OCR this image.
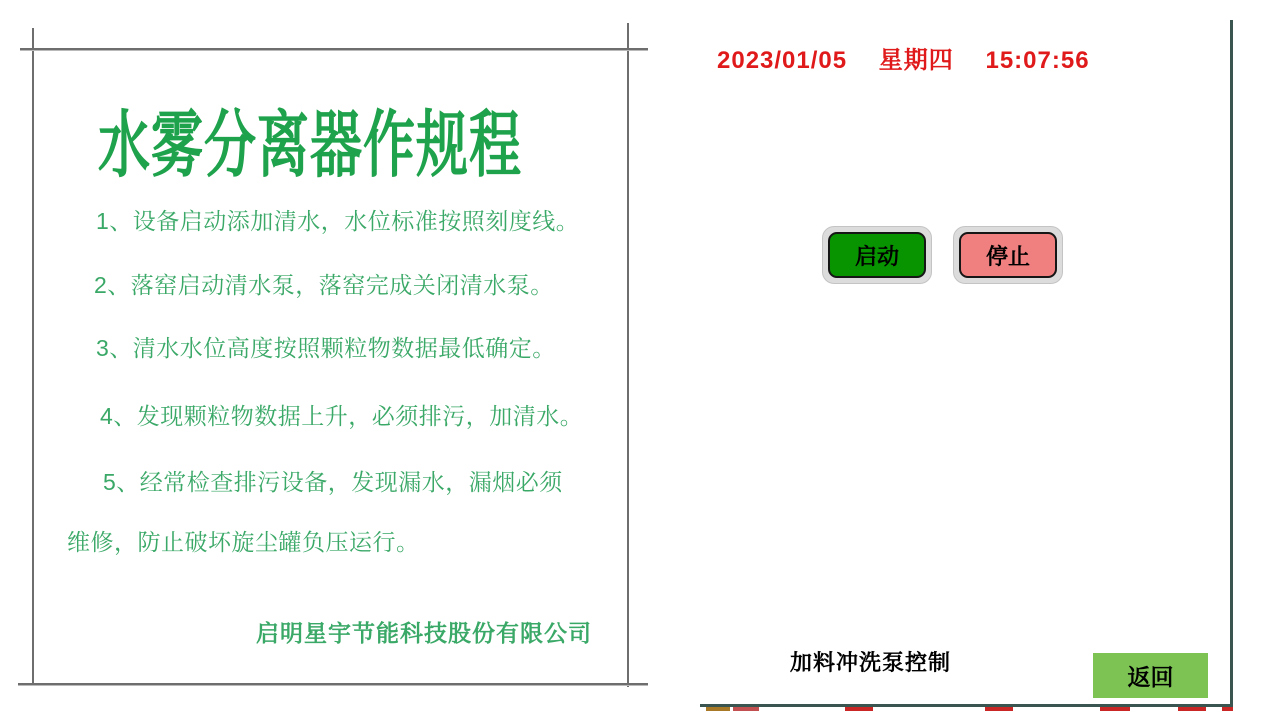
水雾分离器作规程
1、设备启动添加清水，水位标准按照刻度线。
2、落窑启动清水泵，落窑完成关闭清水泵。
3、清水水位高度按照颗粒物数据最低确定。
4、发现颗粒物数据上升，必须排污，加清水。
5、经常检查排污设备，发现漏水，漏烟必须
维修，防止破坏旋尘罐负压运行。
启明星宇节能科技股份有限公司
2023/01/05 星期四 15:07:56
启动	停止
加料冲洗泵控制
返回
